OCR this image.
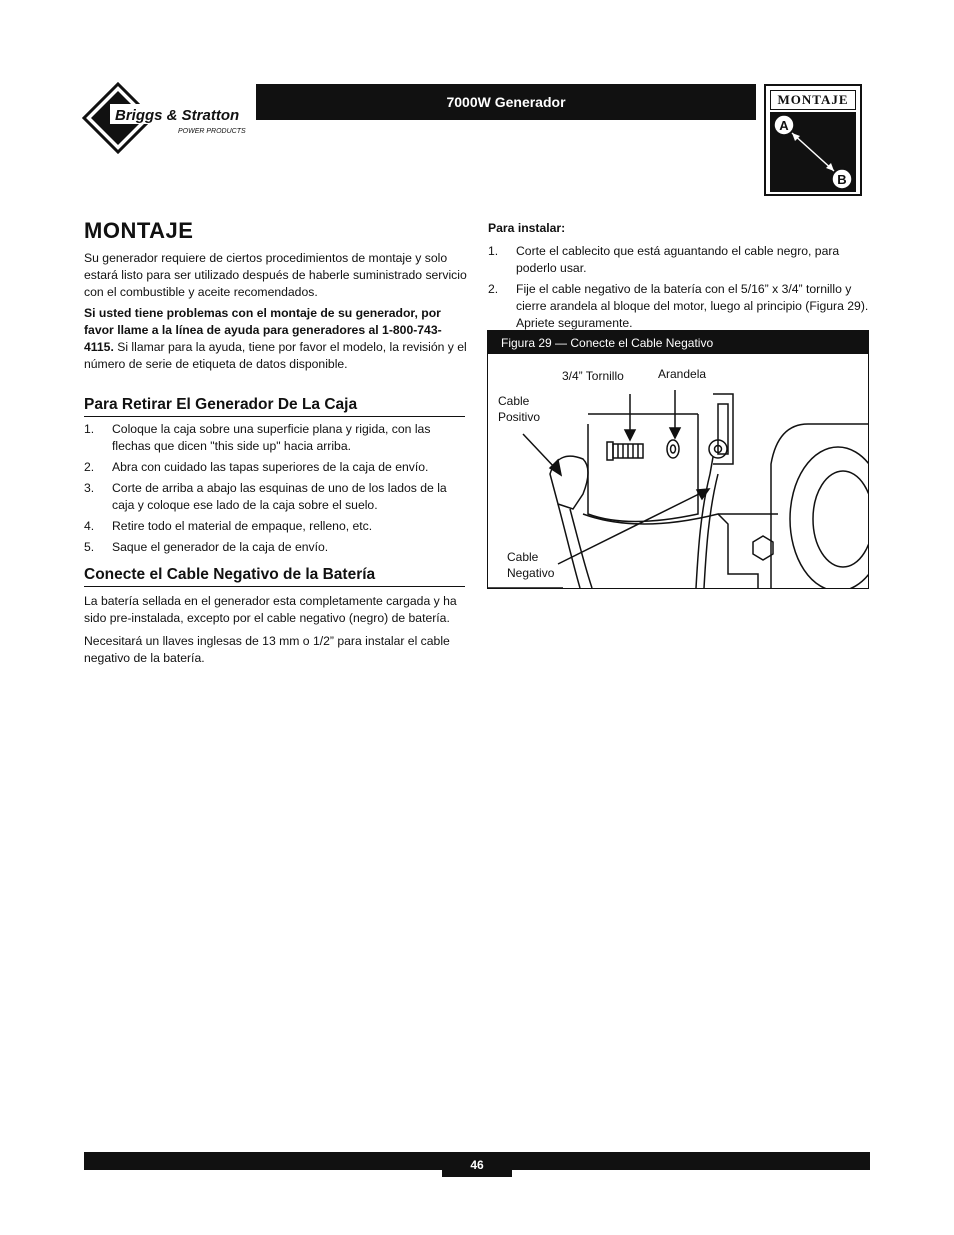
Briggs & Stratton
POWER PRODUCTS
7000W Generador	MONTAJE
A
B
MONTAJE

Su generador requiere de ciertos procedimientos de montaje y solo estará listo para ser utilizado después de haberle suministrado servicio con el combustible y aceite recomendados.

Si usted tiene problemas con el montaje de su generador, por favor llame a la línea de ayuda para generadores al 1-800-743-4115. Si llamar para la ayuda, tiene por favor el modelo, la revisión y el número de serie de etiqueta de datos disponible.

Para Retirar El Generador De La Caja
1. Coloque la caja sobre una superficie plana y rigida, con las flechas que dicen "this side up" hacia arriba.
2. Abra con cuidado las tapas superiores de la caja de envío.
3. Corte de arriba a abajo las esquinas de uno de los lados de la caja y coloque ese lado de la caja sobre el suelo.
4. Retire todo el material de empaque, relleno, etc.
5. Saque el generador de la caja de envío.
Conecte el Cable Negativo de la Batería

La batería sellada en el generador esta completamente cargada y ha sido pre-instalada, excepto por el cable negativo (negro) de batería.

Necesitará un llaves inglesas de 13 mm o 1/2” para instalar el cable negativo de la batería.

Para instalar:
1. Corte el cablecito que está aguantando el cable negro, para poderlo usar.
2. Fije el cable negativo de la batería con el 5/16” x 3/4” tornillo y cierre arandela al bloque del motor, luego al principio (Figura 29). Apriete seguramente.
Figura 29 — Conecte el Cable Negativo
3/4” Tornillo	Arandela
Cable
Positivo
Cable
Negativo
46
